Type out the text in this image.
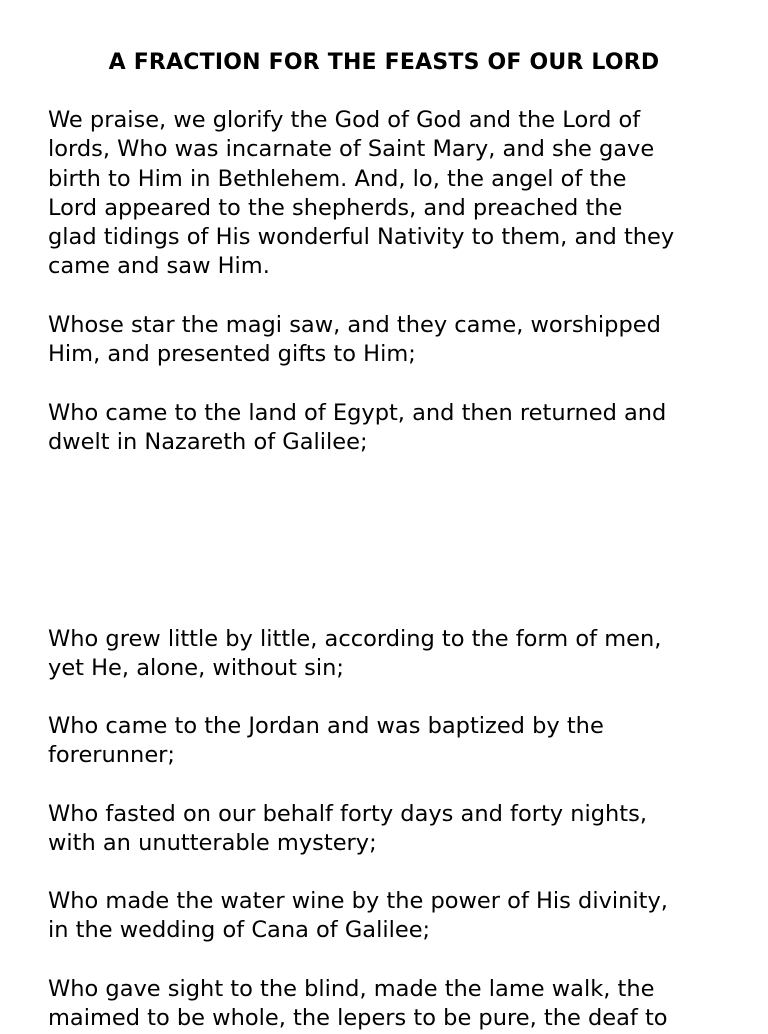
A FRACTION FOR THE FEASTS OF OUR LORD

We praise, we glorify the God of God and the Lord of
lords, Who was incarnate of Saint Mary, and she gave
birth to Him in Bethlehem. And, lo, the angel of the
Lord appeared to the shepherds, and preached the
glad tidings of His wonderful Nativity to them, and they
came and saw Him.

Whose star the magi saw, and they came, worshipped
Him, and presented gifts to Him;

Who came to the land of Egypt, and then returned and
dwelt in Nazareth of Galilee;

Who grew little by little, according to the form of men,
yet He, alone, without sin;

Who came to the Jordan and was baptized by the
forerunner;

Who fasted on our behalf forty days and forty nights,
with an unutterable mystery;

Who made the water wine by the power of His divinity,
in the wedding of Cana of Galilee;

Who gave sight to the blind, made the lame walk, the
maimed to be whole, the lepers to be pure, the deaf to
